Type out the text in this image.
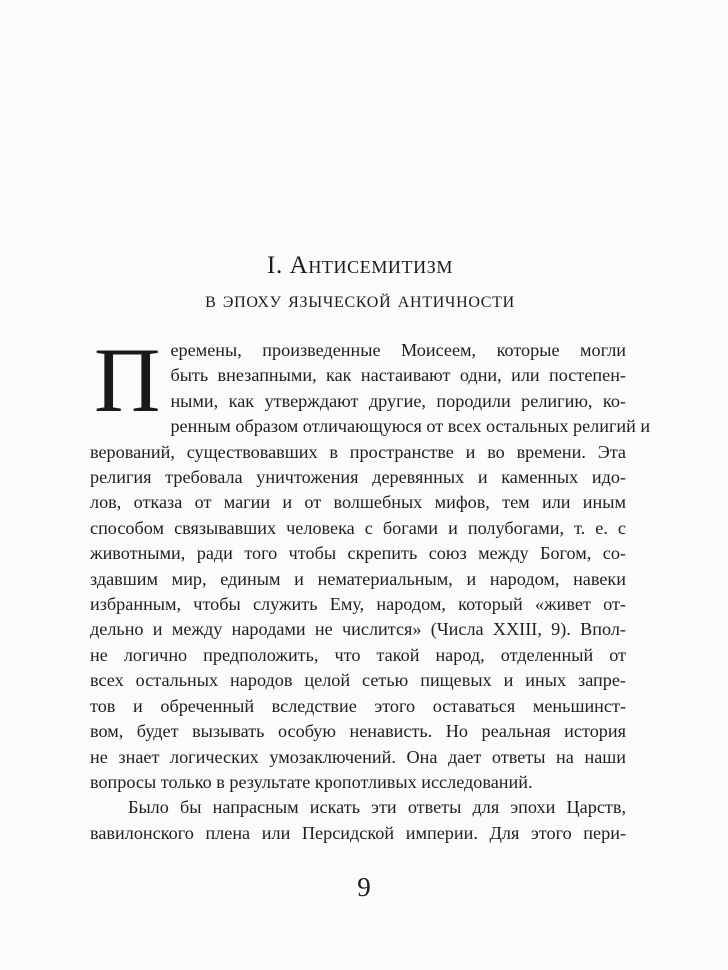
I. Антисемитизм
в эпоху языческой античности
П еремены, произведенные Моисеем, которые могли
быть внезапными, как настаивают одни, или постепен-
ными, как утверждают другие, породили религию, ко-
ренным образом отличающуюся от всех остальных религий и
верований, существовавших в пространстве и во времени. Эта
религия требовала уничтожения деревянных и каменных идо-
лов, отказа от магии и от волшебных мифов, тем или иным
способом связывавших человека с богами и полубогами, т. е. с
животными, ради того чтобы скрепить союз между Богом, со-
здавшим мир, единым и нематериальным, и народом, навеки
избранным, чтобы служить Ему, народом, который «живет от-
дельно и между народами не числится» (Числа XXIII, 9). Впол-
не логично предположить, что такой народ, отделенный от
всех остальных народов целой сетью пищевых и иных запре-
тов и обреченный вследствие этого оставаться меньшинст-
вом, будет вызывать особую ненависть. Но реальная история
не знает логических умозаключений. Она дает ответы на наши
вопросы только в результате кропотливых исследований.
Было бы напрасным искать эти ответы для эпохи Царств,
вавилонского плена или Персидской империи. Для этого пери-
9
